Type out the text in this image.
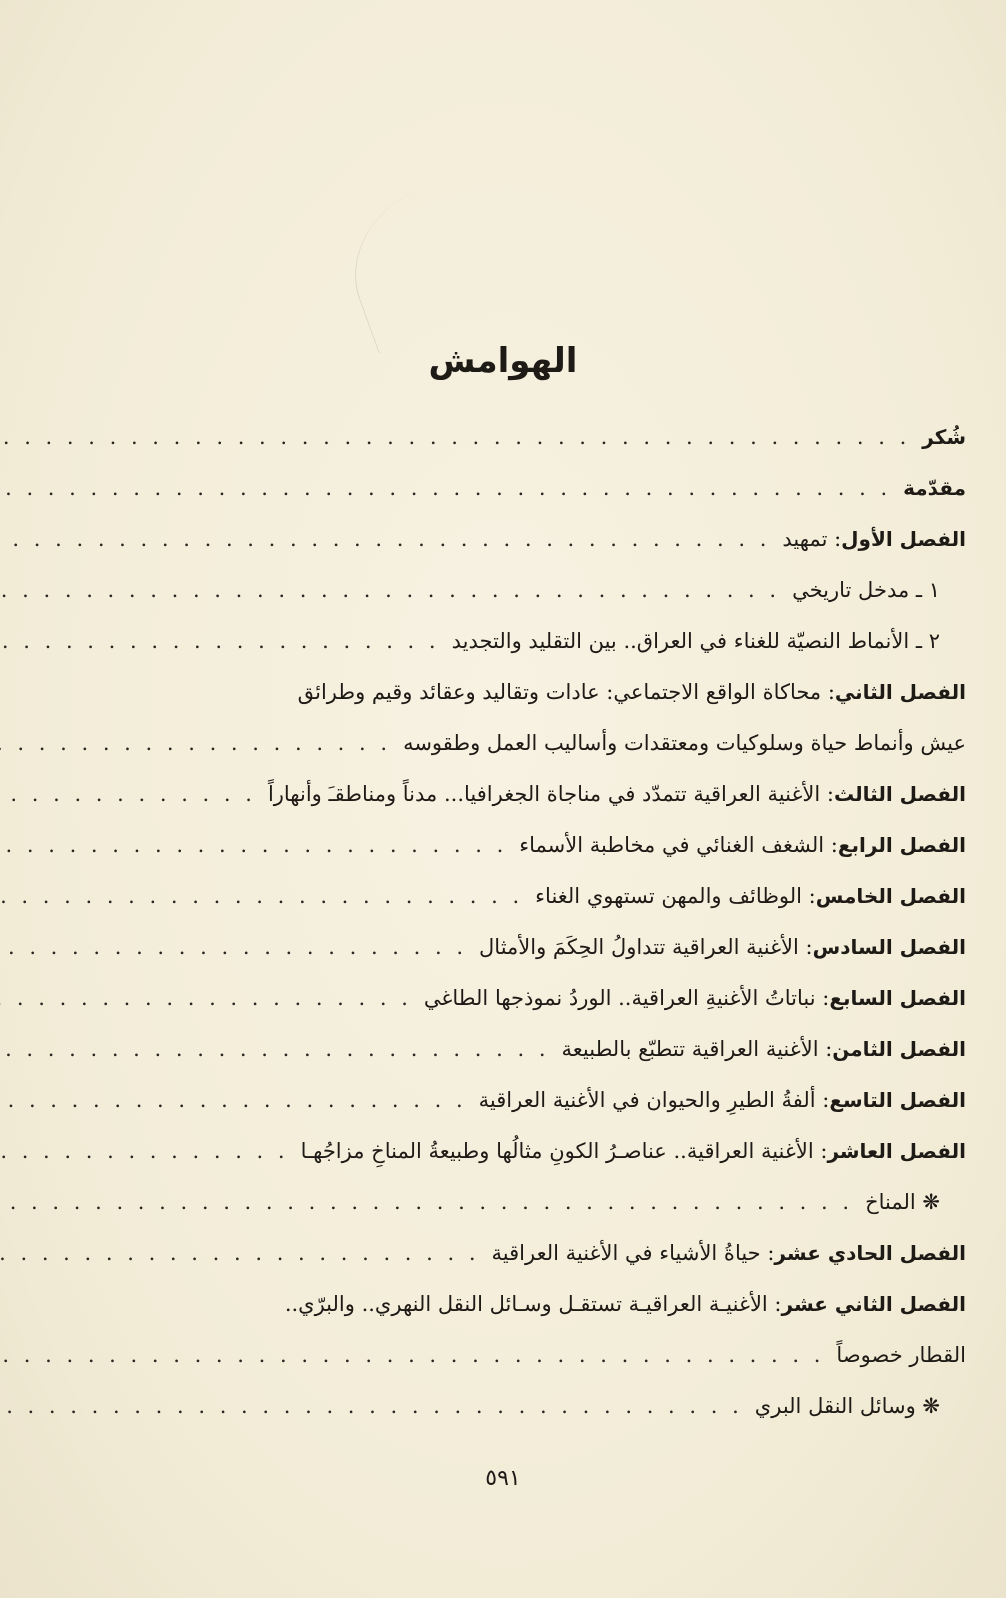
الهوامش
شُكر
. . .
مقدّمة
. . .
الفصل الأول: تمهيد
. . .
١ ـ مدخل تاريخي
. . .
٢ ـ الأنماط النصيّة للغناء في العراق.. بين التقليد والتجديد
. . .
الفصل الثاني: محاكاة الواقع الاجتماعي: عادات وتقاليد وعقائد وقيم وطرائق
عيش وأنماط حياة وسلوكيات ومعتقدات وأساليب العمل وطقوسه
. . .
الفصل الثالث: الأغنية العراقية تتمدّد في مناجاة الجغرافيا... مدناً ومناطقـَ وأنهاراً
. . .
الفصل الرابع: الشغف الغنائي في مخاطبة الأسماء
. . .
الفصل الخامس: الوظائف والمهن تستهوي الغناء
. . .
الفصل السادس: الأغنية العراقية تتداولُ الحِكَمَ والأمثال
. . .
الفصل السابع: نباتاتُ الأغنيةِ العراقية.. الوردُ نموذجها الطاغي
. . .
الفصل الثامن: الأغنية العراقية تتطبّع بالطبيعة
. . .
الفصل التاسع: ألفةُ الطيرِ والحيوان في الأغنية العراقية
. . .
الفصل العاشر: الأغنية العراقية.. عناصـرُ الكونِ مثالُها وطبيعةُ المناخِ مزاجُهـا
. . .
❋ المناخ
. . .
الفصل الحادي عشر: حياةُ الأشياء في الأغنية العراقية
. . .
الفصل الثاني عشر: الأغنيـة العراقيـة تستقـل وسـائل النقل النهري.. والبرّي..
القطار خصوصاً
. . .
❋ وسائل النقل البري
. . .
٥٩١
